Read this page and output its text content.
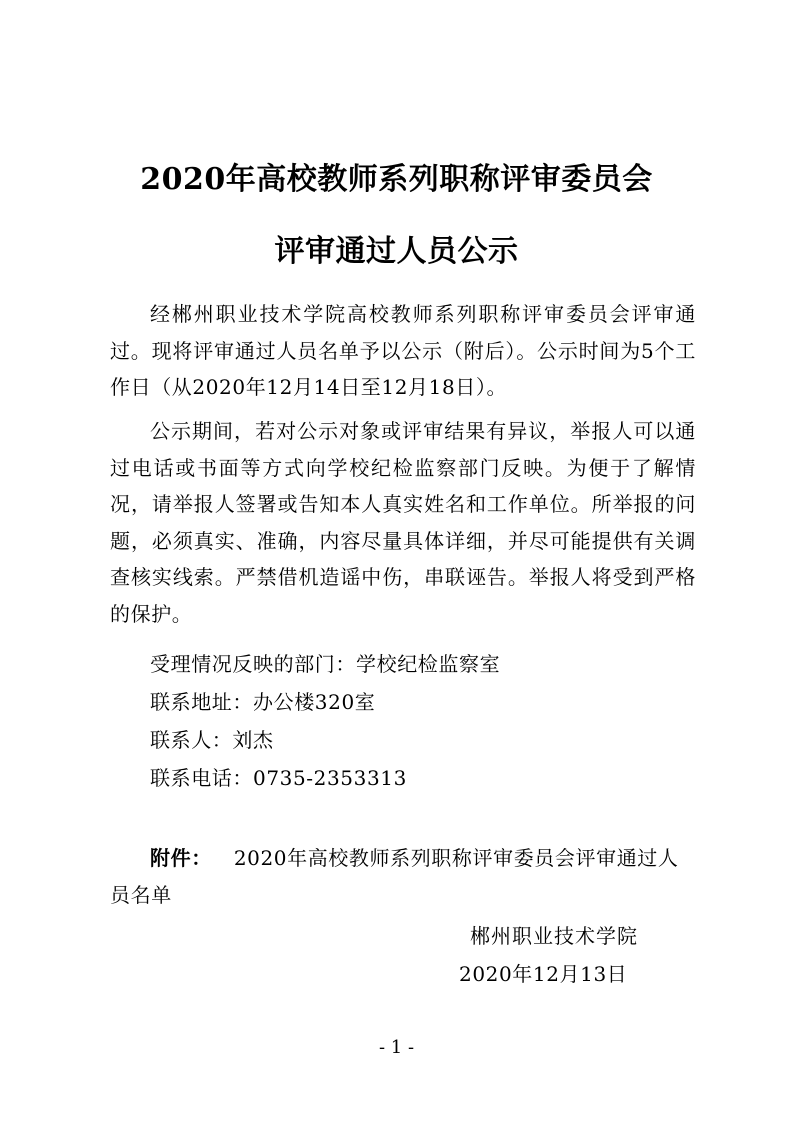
2020年高校教师系列职称评审委员会
评审通过人员公示
经郴州职业技术学院高校教师系列职称评审委员会评审通过。现将评审通过人员名单予以公示（附后）。公示时间为5个工作日（从2020年12月14日至12月18日）。
公示期间，若对公示对象或评审结果有异议，举报人可以通过电话或书面等方式向学校纪检监察部门反映。为便于了解情况，请举报人签署或告知本人真实姓名和工作单位。所举报的问题，必须真实、准确，内容尽量具体详细，并尽可能提供有关调查核实线索。严禁借机造谣中伤，串联诬告。举报人将受到严格的保护。
受理情况反映的部门：学校纪检监察室
联系地址：办公楼320室
联系人：刘杰
联系电话：0735-2353313
附件： 2020年高校教师系列职称评审委员会评审通过人员名单
郴州职业技术学院
2020年12月13日
- 1 -
